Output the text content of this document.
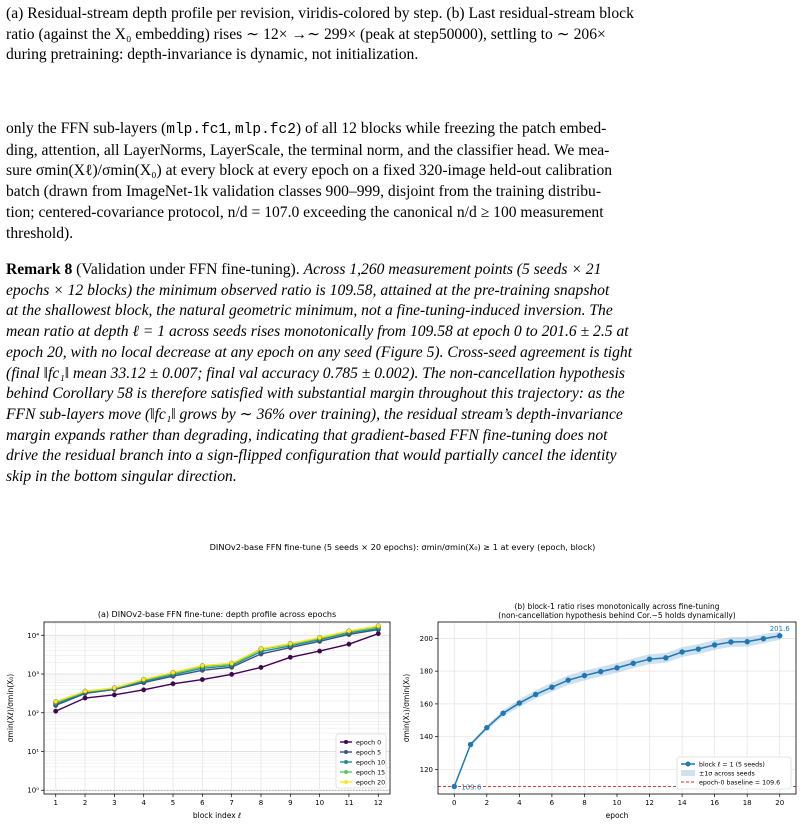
(a) Residual-stream depth profile per revision, viridis-colored by step. (b) Last residual-stream block
ratio (against the X₀ embedding) rises ∼ 12× →∼ 299× (peak at step50000), settling to ∼ 206×
during pretraining: depth-invariance is dynamic, not initialization.

only the FFN sub-layers (mlp.fc1, mlp.fc2) of all 12 blocks while freezing the patch embed-
ding, attention, all LayerNorms, LayerScale, the terminal norm, and the classifier head. We mea-
sure σmin(Xℓ)/σmin(X₀) at every block at every epoch on a fixed 320-image held-out calibration
batch (drawn from ImageNet-1k validation classes 900–999, disjoint from the training distribu-
tion; centered-covariance protocol, n/d = 107.0 exceeding the canonical n/d ≥ 100 measurement
threshold).

Remark 8 (Validation under FFN fine-tuning). Across 1,260 measurement points (5 seeds × 21
epochs × 12 blocks) the minimum observed ratio is 109.58, attained at the pre-training snapshot
at the shallowest block, the natural geometric minimum, not a fine-tuning-induced inversion. The
mean ratio at depth ℓ = 1 across seeds rises monotonically from 109.58 at epoch 0 to 201.6 ± 2.5 at
epoch 20, with no local decrease at any epoch on any seed (Figure 5). Cross-seed agreement is tight
(final ‖fc₁‖ mean 33.12 ± 0.007; final val accuracy 0.785 ± 0.002). The non-cancellation hypothesis
behind Corollary 58 is therefore satisfied with substantial margin throughout this trajectory: as the
FFN sub-layers move (‖fc₁‖ grows by ∼ 36% over training), the residual stream’s depth-invariance
margin expands rather than degrading, indicating that gradient-based FFN fine-tuning does not
drive the residual branch into a sign-flipped configuration that would partially cancel the identity
skip in the bottom singular direction.

DINOv2-base FFN fine-tune (5 seeds × 20 epochs): σmin/σmin(X₀) ≥ 1 at every (epoch, block)
(a) DINOv2-base FFN fine-tune: depth profile across epochs
10⁰
10¹
10²
10³
10⁴
1	2	3	4	5	6	7	8	9	10	11	12
block index ℓ
σmin(Xℓ)/σmin(X₀)
epoch 0
epoch 5
epoch 10
epoch 15
epoch 20
(b) block-1 ratio rises monotonically across fine-tuning
(non-cancellation hypothesis behind Cor.~5 holds dynamically)
120
140
160
180
200
0	2	4	6	8	10	12	14	16	18	20
201.6
109.6
epoch
σmin(X₁)/σmin(X₀)
block ℓ = 1 (5 seeds)
±1σ across seeds
epoch-0 baseline = 109.6
